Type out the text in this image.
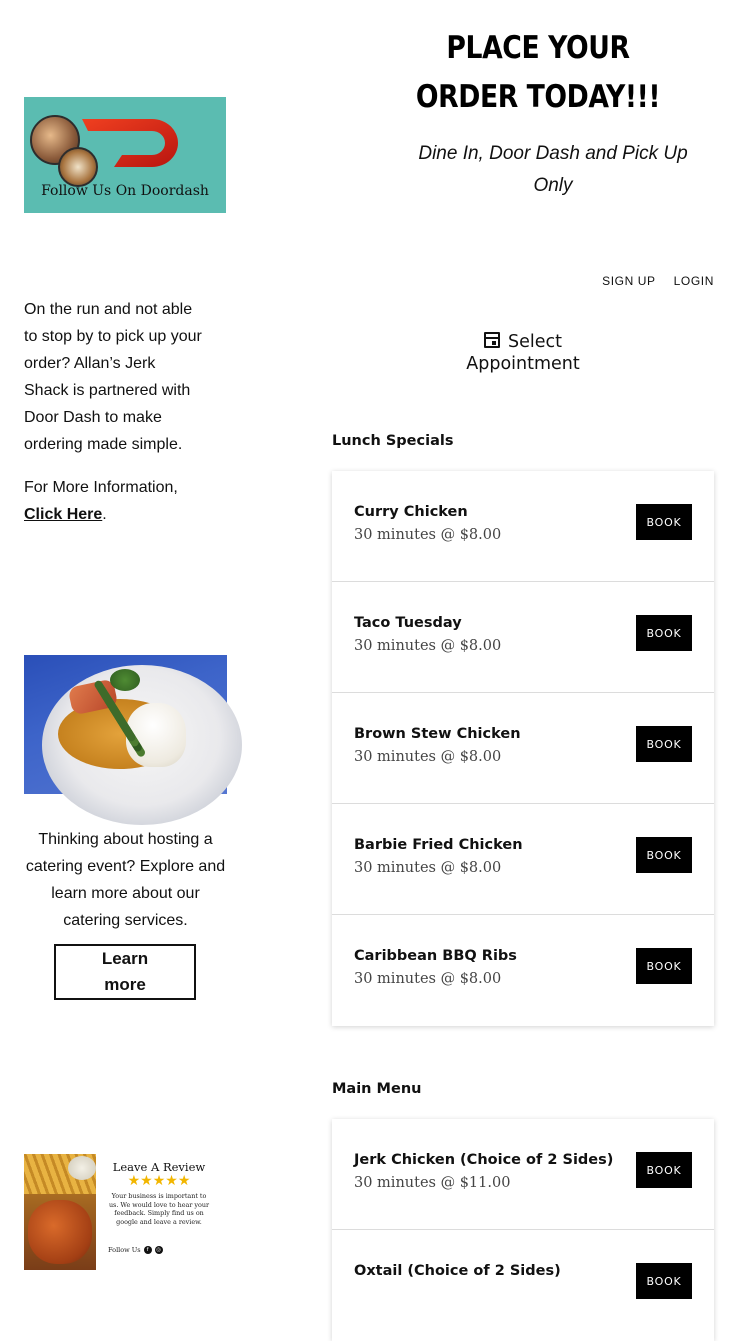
Follow Us On Doordash

On the run and not able to stop by to pick up your order? Allan’s Jerk Shack is partnered with Door Dash to make ordering made simple.

For More Information,
Click Here.

Thinking about hosting a catering event? Explore and learn more about our catering services.

Learn more
Leave A Review
★★★★★
Your business is important to us. We would love to hear your feedback. Simply find us on google and leave a review.
Follow Us	f	◎
PLACE YOUR ORDER TODAY!!!

Dine In, Door Dash and Pick Up Only

SIGN UP LOGIN
Select Appointment
Lunch Specials
Curry Chicken
30 minutes @ $8.00
BOOK
Taco Tuesday
30 minutes @ $8.00
BOOK
Brown Stew Chicken
30 minutes @ $8.00
BOOK
Barbie Fried Chicken
30 minutes @ $8.00
BOOK
Caribbean BBQ Ribs
30 minutes @ $8.00
BOOK
Main Menu
Jerk Chicken (Choice of 2 Sides)
30 minutes @ $11.00
BOOK
Oxtail (Choice of 2 Sides)
BOOK
